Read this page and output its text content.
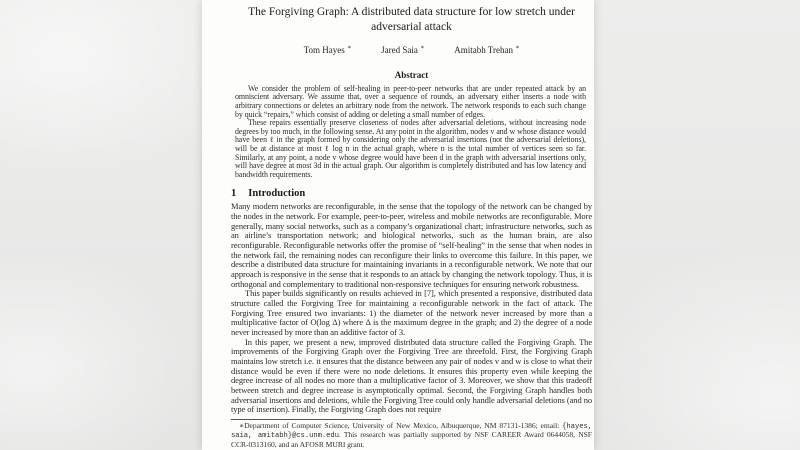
The Forgiving Graph: A distributed data structure for low stretch under adversarial attack
Tom Hayes ∗	Jared Saia ∗	Amitabh Trehan ∗
Abstract

We consider the problem of self-healing in peer-to-peer networks that are under repeated attack by an omniscient adversary. We assume that, over a sequence of rounds, an adversary either inserts a node with arbitrary connections or deletes an arbitrary node from the network. The network responds to each such change by quick “repairs,” which consist of adding or deleting a small number of edges.

These repairs essentially preserve closeness of nodes after adversarial deletions, without increasing node degrees by too much, in the following sense. At any point in the algorithm, nodes v and w whose distance would have been ℓ in the graph formed by considering only the adversarial insertions (not the adversarial deletions), will be at distance at most ℓ log n in the actual graph, where n is the total number of vertices seen so far. Similarly, at any point, a node v whose degree would have been d in the graph with adversarial insertions only, will have degree at most 3d in the actual graph. Our algorithm is completely distributed and has low latency and bandwidth requirements.

1 Introduction

Many modern networks are reconfigurable, in the sense that the topology of the network can be changed by the nodes in the network. For example, peer-to-peer, wireless and mobile networks are reconfigurable. More generally, many social networks, such as a company’s organizational chart; infrastructure networks, such as an airline’s transportation network; and biological networks, such as the human brain, are also reconfigurable. Reconfigurable networks offer the promise of “self-healing” in the sense that when nodes in the network fail, the remaining nodes can reconfigure their links to overcome this failure. In this paper, we describe a distributed data structure for maintaining invariants in a reconfigurable network. We note that our approach is responsive in the sense that it responds to an attack by changing the network topology. Thus, it is orthogonal and complementary to traditional non-responsive techniques for ensuring network robustness.

This paper builds significantly on results achieved in [7], which presented a responsive, distributed data structure called the Forgiving Tree for maintaining a reconfigurable network in the fact of attack. The Forgiving Tree ensured two invariants: 1) the diameter of the network never increased by more than a multiplicative factor of O(log Δ) where Δ is the maximum degree in the graph; and 2) the degree of a node never increased by more than an additive factor of 3.

In this paper, we present a new, improved distributed data structure called the Forgiving Graph. The improvements of the Forgiving Graph over the Forgiving Tree are threefold. First, the Forgiving Graph maintains low stretch i.e. it ensures that the distance between any pair of nodes v and w is close to what their distance would be even if there were no node deletions. It ensures this property even while keeping the degree increase of all nodes no more than a multiplicative factor of 3. Moreover, we show that this tradeoff between stretch and degree increase is asymptotically optimal. Second, the Forgiving Graph handles both adversarial insertions and deletions, while the Forgiving Tree could only handle adversarial deletions (and no type of insertion). Finally, the Forgiving Graph does not require

∗Department of Computer Science, University of New Mexico, Albuquerque, NM 87131-1386; email: {hayes, saia, amitabh}@cs.unm.edu. This research was partially supported by NSF CAREER Award 0644058, NSF CCR-0313160, and an AFOSR MURI grant.
